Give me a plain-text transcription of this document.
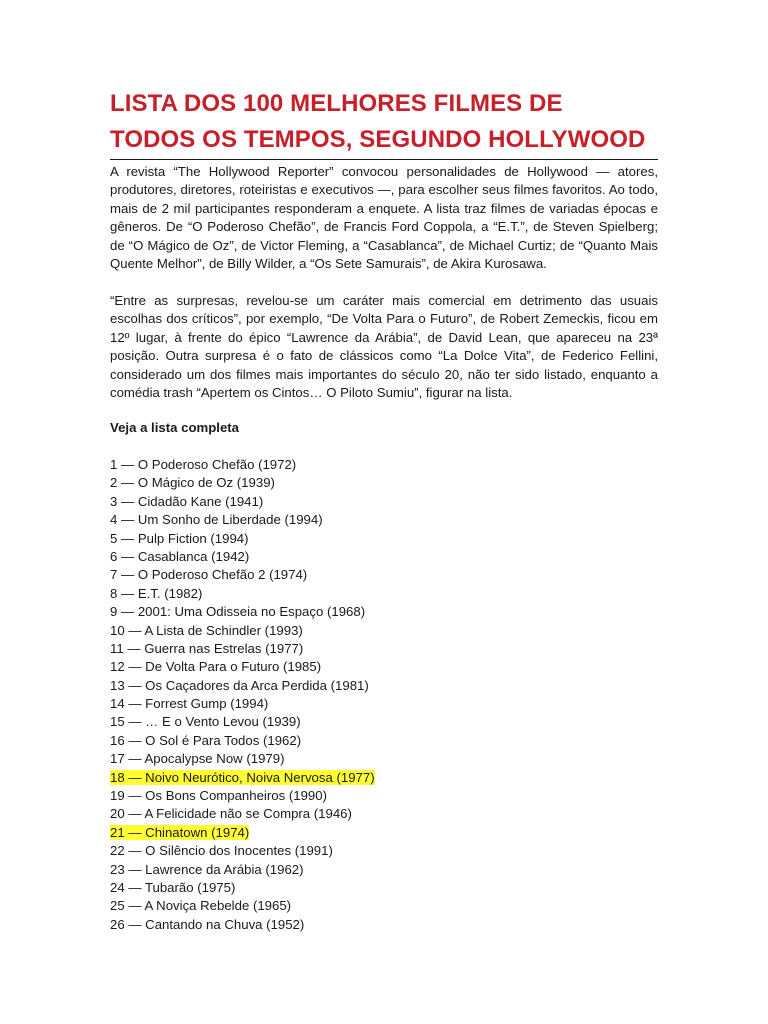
LISTA DOS 100 MELHORES FILMES DE
TODOS OS TEMPOS, SEGUNDO HOLLYWOOD

A revista “The Hollywood Reporter” convocou personalidades de Hollywood — atores, produtores, diretores, roteiristas e executivos —, para escolher seus filmes favoritos. Ao todo, mais de 2 mil participantes responderam a enquete. A lista traz filmes de variadas épocas e gêneros. De “O Poderoso Chefão”, de Francis Ford Coppola, a “E.T.”, de Steven Spielberg; de “O Mágico de Oz”, de Victor Fleming, a “Casablanca”, de Michael Curtiz; de “Quanto Mais Quente Melhor”, de Billy Wilder, a “Os Sete Samurais”, de Akira Kurosawa.

“Entre as surpresas, revelou-se um caráter mais comercial em detrimento das usuais escolhas dos críticos”, por exemplo, “De Volta Para o Futuro”, de Robert Zemeckis, ficou em 12º lugar, à frente do épico “Lawrence da Arábia”, de David Lean, que apareceu na 23ª posição. Outra surpresa é o fato de clássicos como “La Dolce Vita”, de Federico Fellini, considerado um dos filmes mais importantes do século 20, não ter sido listado, enquanto a comédia trash “Apertem os Cintos… O Piloto Sumiu”, figurar na lista.

Veja a lista completa

1 — O Poderoso Chefão (1972)
2 — O Mágico de Oz (1939)
3 — Cidadão Kane (1941)
4 — Um Sonho de Liberdade (1994)
5 — Pulp Fiction (1994)
6 — Casablanca (1942)
7 — O Poderoso Chefão 2 (1974)
8 — E.T. (1982)
9 — 2001: Uma Odisseia no Espaço (1968)
10 — A Lista de Schindler (1993)
11 — Guerra nas Estrelas (1977)
12 — De Volta Para o Futuro (1985)
13 — Os Caçadores da Arca Perdida (1981)
14 — Forrest Gump (1994)
15 — … E o Vento Levou (1939)
16 — O Sol é Para Todos (1962)
17 — Apocalypse Now (1979)
18 — Noivo Neurótico, Noiva Nervosa (1977)
19 — Os Bons Companheiros (1990)
20 — A Felicidade não se Compra (1946)
21 — Chinatown (1974)
22 — O Silêncio dos Inocentes (1991)
23 — Lawrence da Arábia (1962)
24 — Tubarão (1975)
25 — A Noviça Rebelde (1965)
26 — Cantando na Chuva (1952)
